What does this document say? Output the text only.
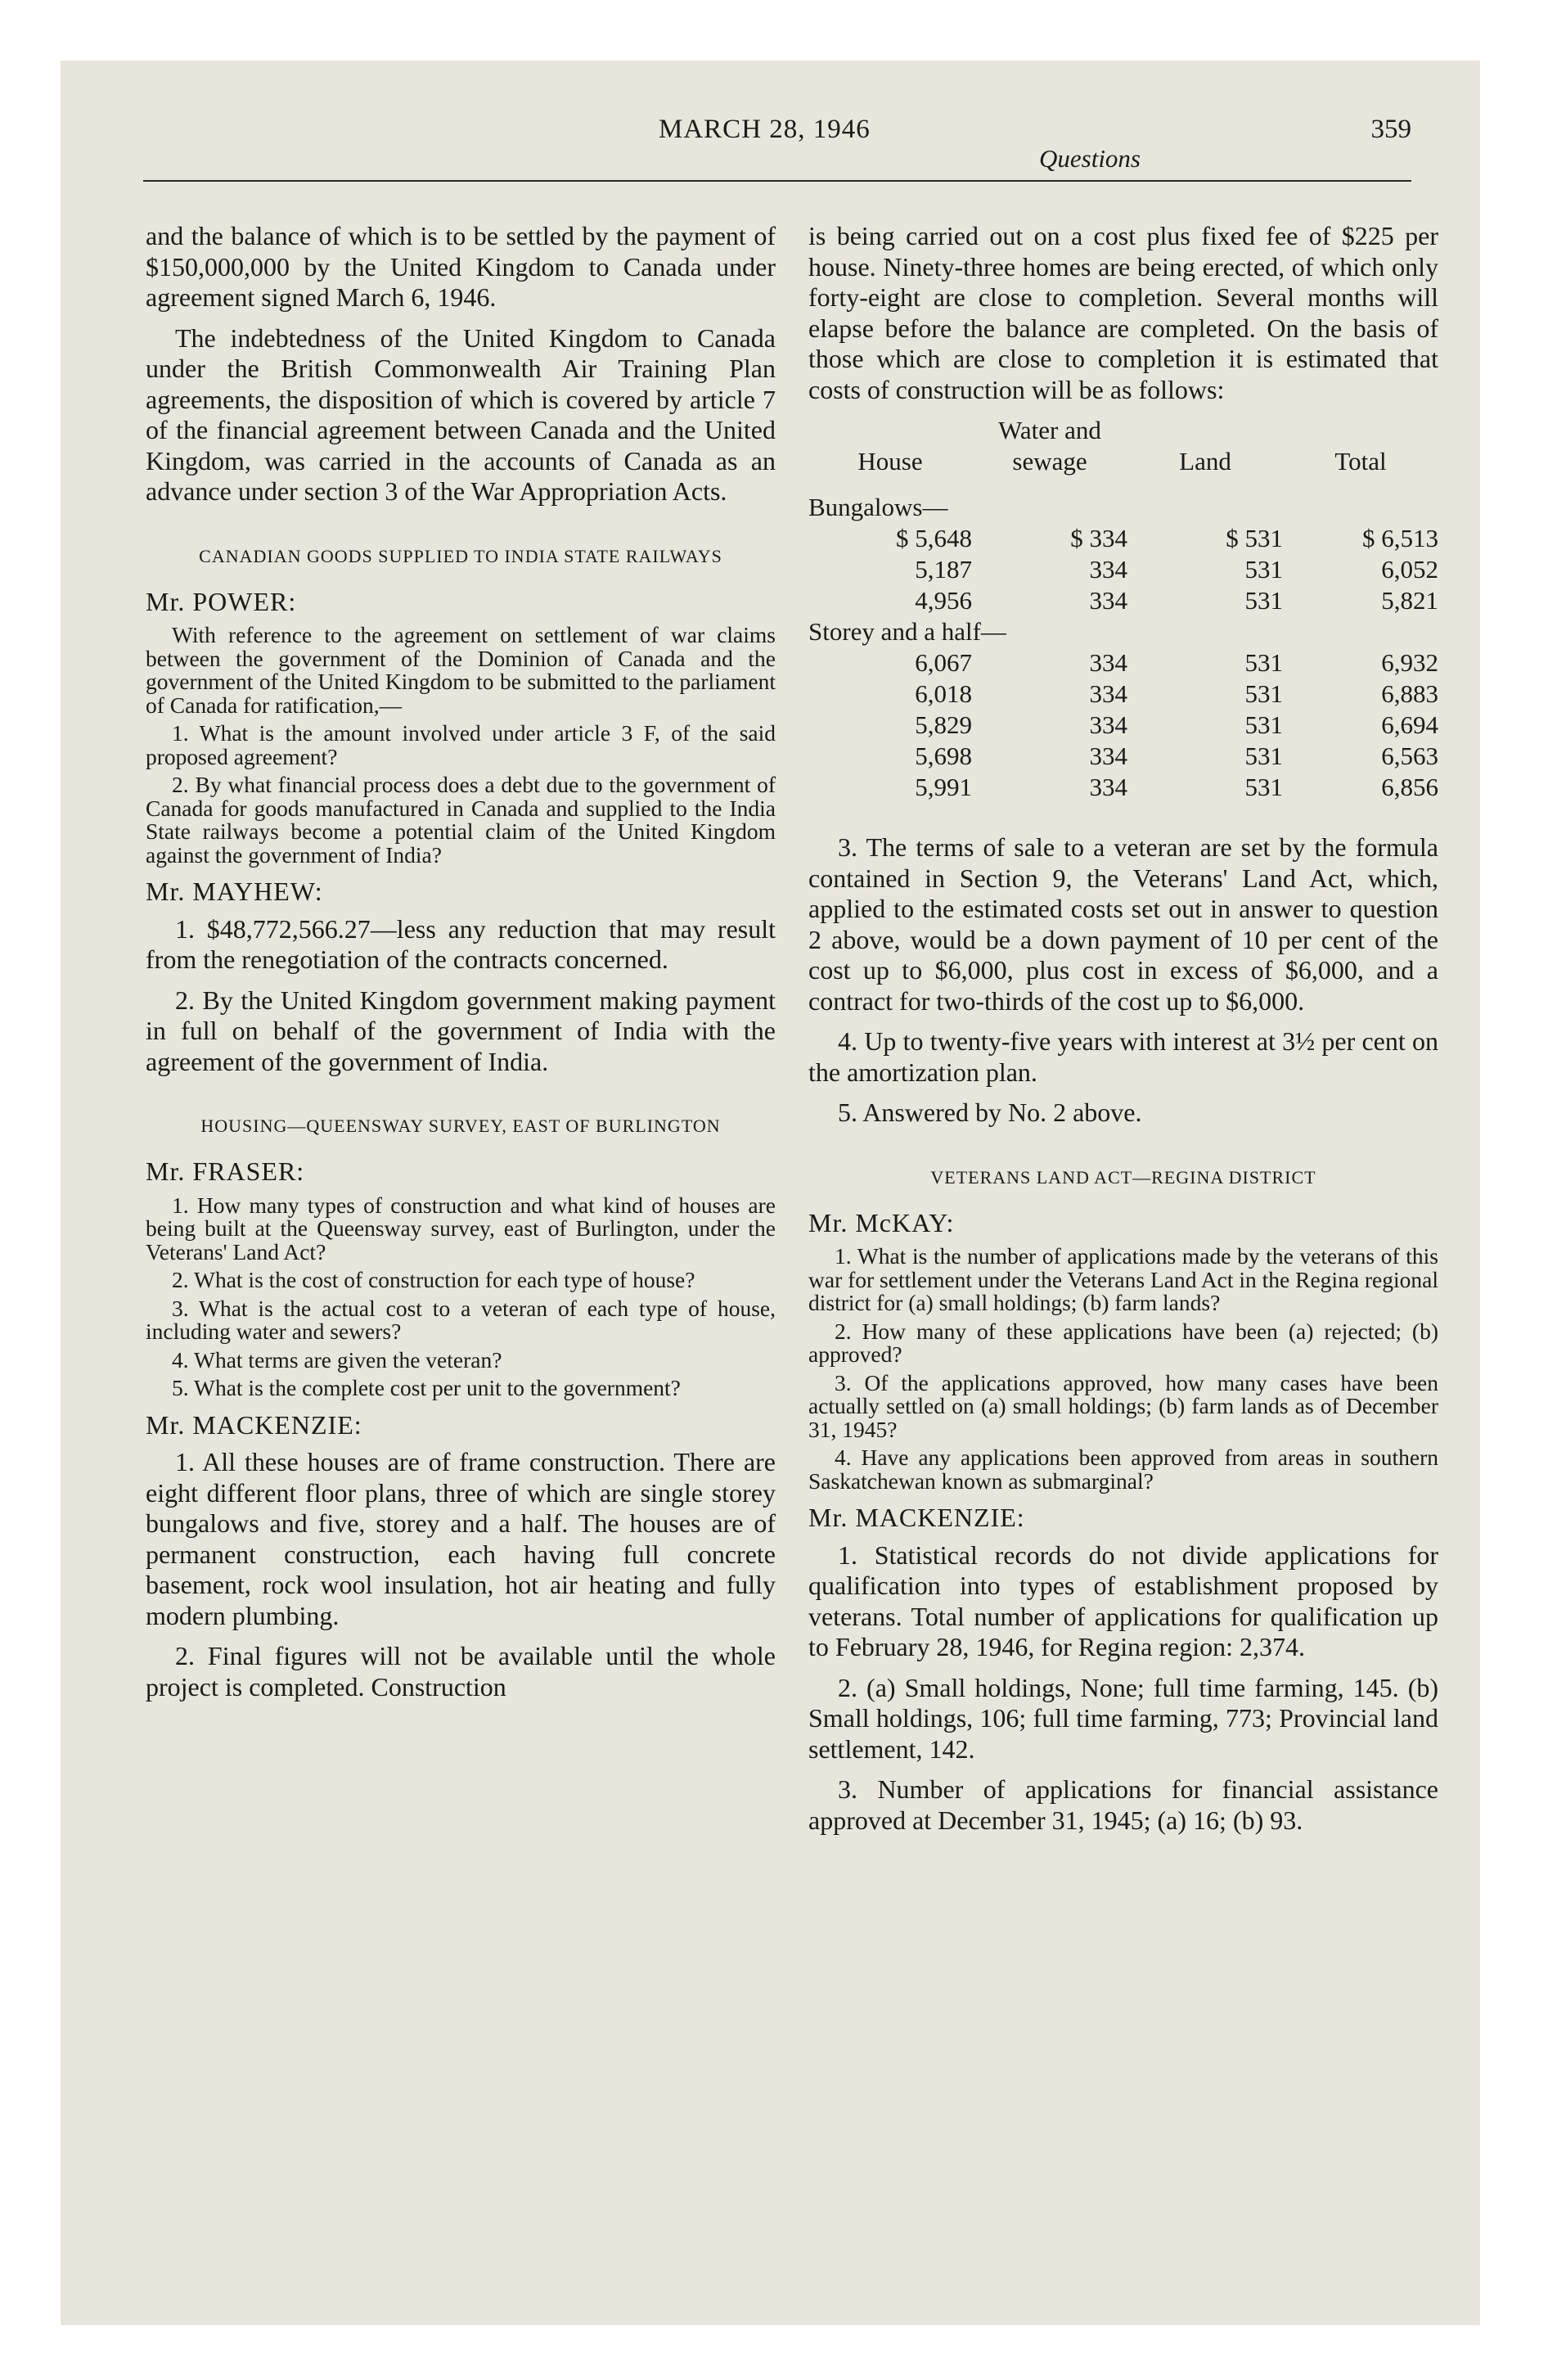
MARCH 28, 1946	359
Questions

and the balance of which is to be settled by the payment of $150,000,000 by the United Kingdom to Canada under agreement signed March 6, 1946.

The indebtedness of the United Kingdom to Canada under the British Commonwealth Air Training Plan agreements, the disposition of which is covered by article 7 of the financial agreement between Canada and the United Kingdom, was carried in the accounts of Canada as an advance under section 3 of the War Appropriation Acts.

CANADIAN GOODS SUPPLIED TO INDIA STATE RAILWAYS
Mr. POWER:

With reference to the agreement on settlement of war claims between the government of the Dominion of Canada and the government of the United Kingdom to be submitted to the parliament of Canada for ratification,—

1. What is the amount involved under article 3 F, of the said proposed agreement?

2. By what financial process does a debt due to the government of Canada for goods manufactured in Canada and supplied to the India State railways become a potential claim of the United Kingdom against the government of India?

Mr. MAYHEW:

1. $48,772,566.27—less any reduction that may result from the renegotiation of the contracts concerned.

2. By the United Kingdom government making payment in full on behalf of the government of India with the agreement of the government of India.

HOUSING—QUEENSWAY SURVEY, EAST OF BURLINGTON
Mr. FRASER:

1. How many types of construction and what kind of houses are being built at the Queensway survey, east of Burlington, under the Veterans' Land Act?

2. What is the cost of construction for each type of house?

3. What is the actual cost to a veteran of each type of house, including water and sewers?

4. What terms are given the veteran?

5. What is the complete cost per unit to the government?

Mr. MACKENZIE:

1. All these houses are of frame construction. There are eight different floor plans, three of which are single storey bungalows and five, storey and a half. The houses are of permanent construction, each having full concrete basement, rock wool insulation, hot air heating and fully modern plumbing.

2. Final figures will not be available until the whole project is completed. Construction

is being carried out on a cost plus fixed fee of $225 per house. Ninety-three homes are being erected, of which only forty-eight are close to completion. Several months will elapse before the balance are completed. On the basis of those which are close to completion it is estimated that costs of construction will be as follows:

House	Water and sewage	Land	Total
Bungalows—			
$ 5,648	$ 334	$ 531	$ 6,513
5,187	334	531	6,052
4,956	334	531	5,821
Storey and a half—			
6,067	334	531	6,932
6,018	334	531	6,883
5,829	334	531	6,694
5,698	334	531	6,563
5,991	334	531	6,856

3. The terms of sale to a veteran are set by the formula contained in Section 9, the Veterans' Land Act, which, applied to the estimated costs set out in answer to question 2 above, would be a down payment of 10 per cent of the cost up to $6,000, plus cost in excess of $6,000, and a contract for two-thirds of the cost up to $6,000.

4. Up to twenty-five years with interest at 3½ per cent on the amortization plan.

5. Answered by No. 2 above.

VETERANS LAND ACT—REGINA DISTRICT
Mr. McKAY:

1. What is the number of applications made by the veterans of this war for settlement under the Veterans Land Act in the Regina regional district for (a) small holdings; (b) farm lands?

2. How many of these applications have been (a) rejected; (b) approved?

3. Of the applications approved, how many cases have been actually settled on (a) small holdings; (b) farm lands as of December 31, 1945?

4. Have any applications been approved from areas in southern Saskatchewan known as submarginal?

Mr. MACKENZIE:

1. Statistical records do not divide applications for qualification into types of establishment proposed by veterans. Total number of applications for qualification up to February 28, 1946, for Regina region: 2,374.

2. (a) Small holdings, None; full time farming, 145. (b) Small holdings, 106; full time farming, 773; Provincial land settlement, 142.

3. Number of applications for financial assistance approved at December 31, 1945; (a) 16; (b) 93.
